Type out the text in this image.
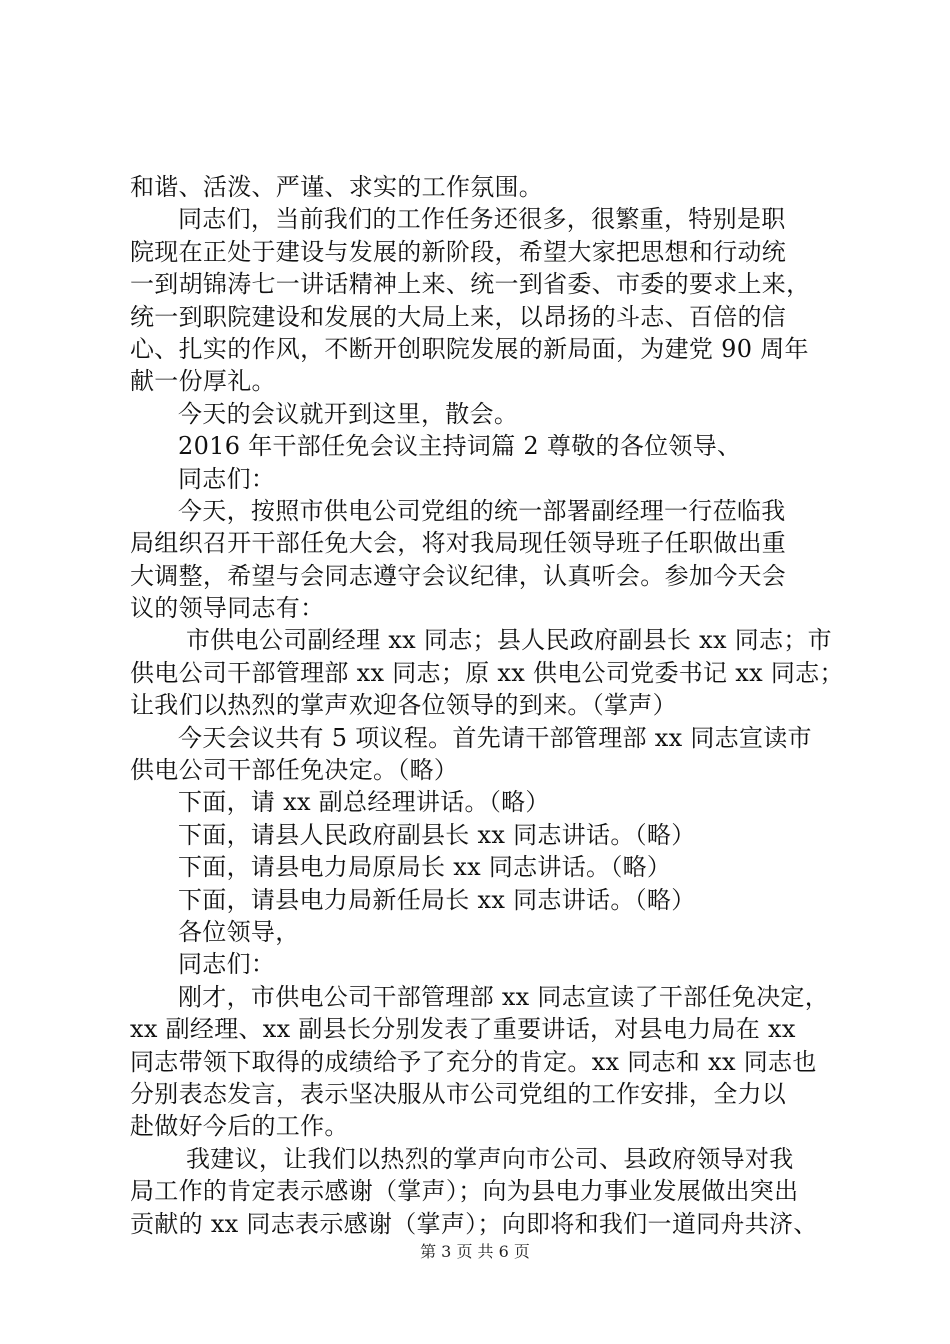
和谐、活泼、严谨、求实的工作氛围。
同志们，当前我们的工作任务还很多，很繁重，特别是职
院现在正处于建设与发展的新阶段，希望大家把思想和行动统
一到胡锦涛七一讲话精神上来、统一到省委、市委的要求上来，
统一到职院建设和发展的大局上来，以昂扬的斗志、百倍的信
心、扎实的作风，不断开创职院发展的新局面，为建党 90 周年
献一份厚礼。
今天的会议就开到这里，散会。
2016 年干部任免会议主持词篇 2 尊敬的各位领导、
同志们：
今天，按照市供电公司党组的统一部署副经理一行莅临我
局组织召开干部任免大会，将对我局现任领导班子任职做出重
大调整，希望与会同志遵守会议纪律，认真听会。参加今天会
议的领导同志有：
市供电公司副经理 xx 同志；县人民政府副县长 xx 同志；市
供电公司干部管理部 xx 同志；原 xx 供电公司党委书记 xx 同志；
让我们以热烈的掌声欢迎各位领导的到来。（掌声）
今天会议共有 5 项议程。首先请干部管理部 xx 同志宣读市
供电公司干部任免决定。（略）
下面，请 xx 副总经理讲话。（略）
下面，请县人民政府副县长 xx 同志讲话。（略）
下面，请县电力局原局长 xx 同志讲话。（略）
下面，请县电力局新任局长 xx 同志讲话。（略）
各位领导，
同志们：
刚才，市供电公司干部管理部 xx 同志宣读了干部任免决定，
xx 副经理、xx 副县长分别发表了重要讲话，对县电力局在 xx
同志带领下取得的成绩给予了充分的肯定。xx 同志和 xx 同志也
分别表态发言，表示坚决服从市公司党组的工作安排，全力以
赴做好今后的工作。
我建议，让我们以热烈的掌声向市公司、县政府领导对我
局工作的肯定表示感谢（掌声）；向为县电力事业发展做出突出
贡献的 xx 同志表示感谢（掌声）；向即将和我们一道同舟共济、
第 3 页 共 6 页
